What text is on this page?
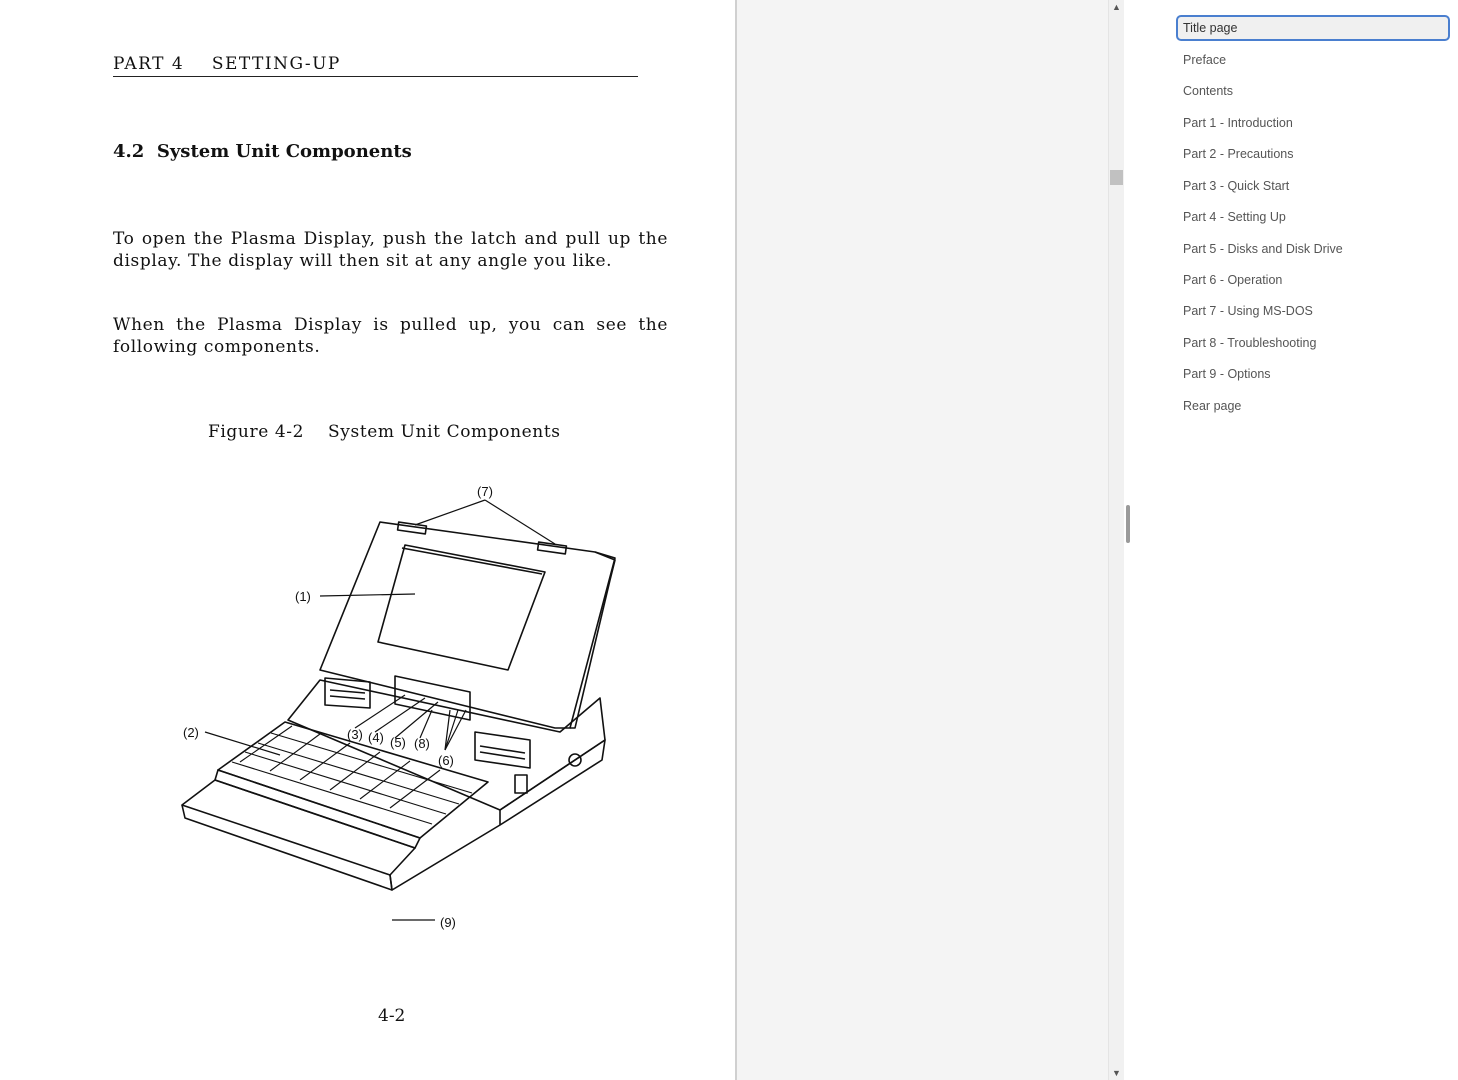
PART 4    SETTING-UP
4.2  System Unit Components

To open the Plasma Display, push the latch and pull up the display. The display will then sit at any angle you like.

When the Plasma Display is pulled up, you can see the following components.

Figure 4-2    System Unit Components
(7)
(1)
(2)	(3) (4) (5) (8)
(6)
(9)
4-2
▲
▼
Title page
Preface
Contents
Part 1 - Introduction
Part 2 - Precautions
Part 3 - Quick Start
Part 4 - Setting Up
Part 5 - Disks and Disk Drive
Part 6 - Operation
Part 7 - Using MS-DOS
Part 8 - Troubleshooting
Part 9 - Options
Rear page
